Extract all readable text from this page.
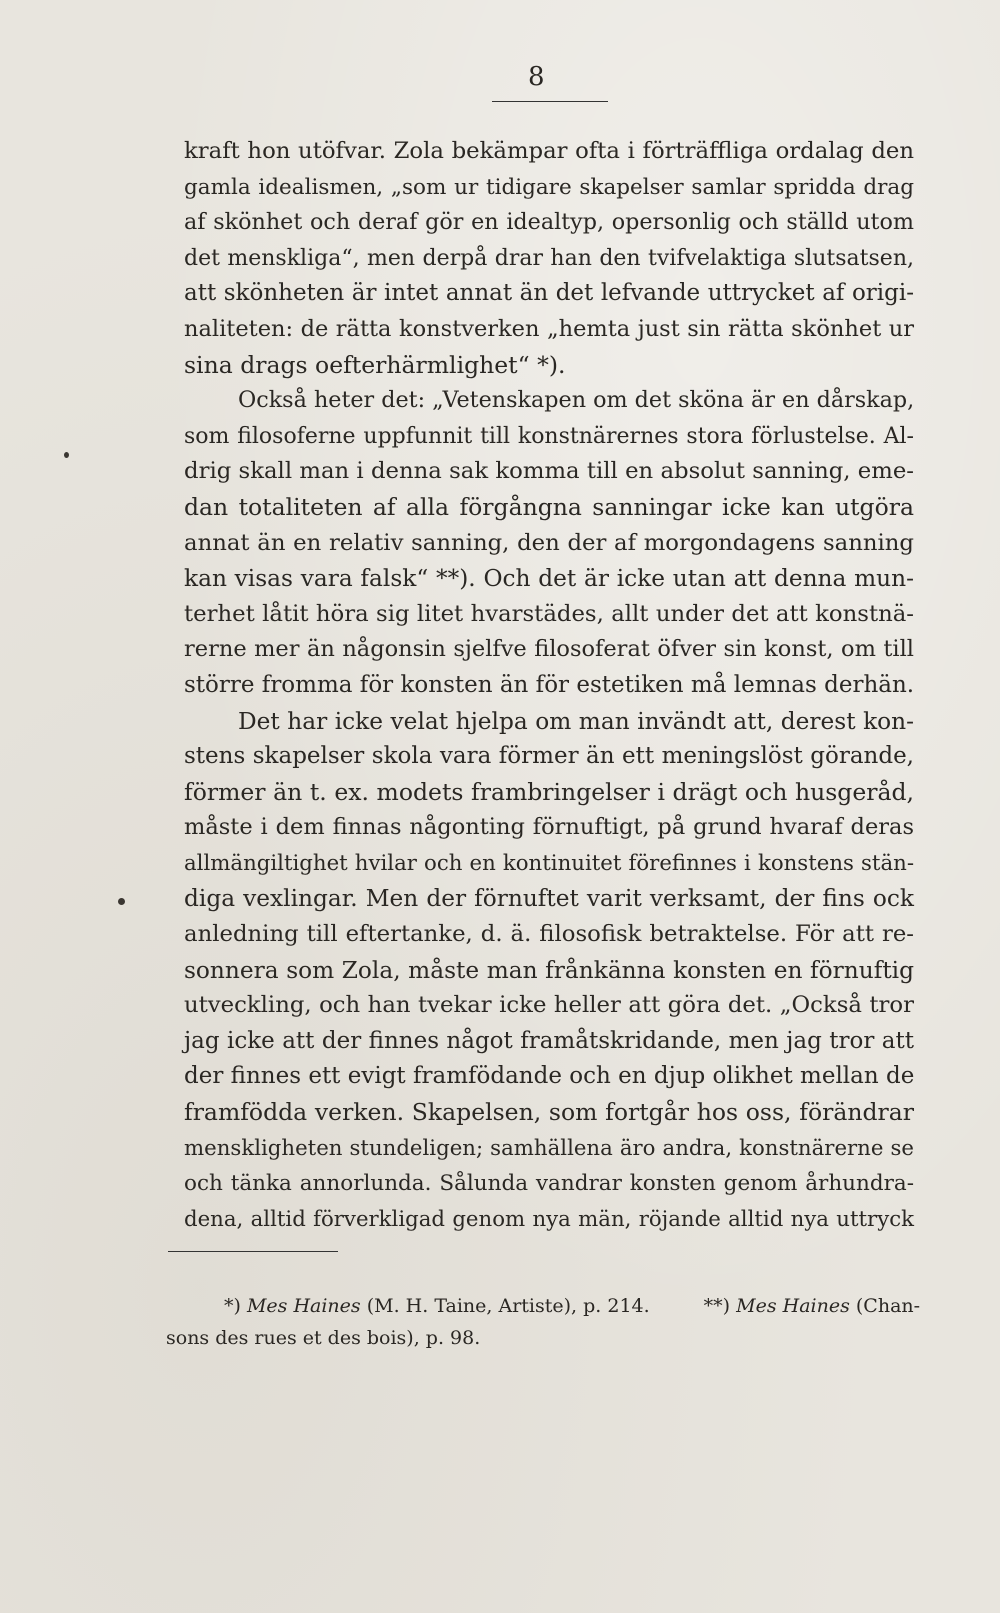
8
kraft hon utöfvar. Zola bekämpar ofta i förträffliga ordalag den
gamla idealismen, „som ur tidigare skapelser samlar spridda drag
af skönhet och deraf gör en idealtyp, opersonlig och ställd utom
det menskliga“, men derpå drar han den tvifvelaktiga slutsatsen,
att skönheten är intet annat än det lefvande uttrycket af origi-
naliteten: de rätta konstverken „hemta just sin rätta skönhet ur
sina drags oefterhärmlighet“ *).
Också heter det: „Vetenskapen om det sköna är en dårskap,
som filosoferne uppfunnit till konstnärernes stora förlustelse. Al-
drig skall man i denna sak komma till en absolut sanning, eme-
dan totaliteten af alla förgångna sanningar icke kan utgöra
annat än en relativ sanning, den der af morgondagens sanning
kan visas vara falsk“ **). Och det är icke utan att denna mun-
terhet låtit höra sig litet hvarstädes, allt under det att konstnä-
rerne mer än någonsin sjelfve filosoferat öfver sin konst, om till
större fromma för konsten än för estetiken må lemnas derhän.
Det har icke velat hjelpa om man invändt att, derest kon-
stens skapelser skola vara förmer än ett meningslöst görande,
förmer än t. ex. modets frambringelser i drägt och husgeråd,
måste i dem finnas någonting förnuftigt, på grund hvaraf deras
allmängiltighet hvilar och en kontinuitet förefinnes i konstens stän-
diga vexlingar. Men der förnuftet varit verksamt, der fins ock
anledning till eftertanke, d. ä. filosofisk betraktelse. För att re-
sonnera som Zola, måste man frånkänna konsten en förnuftig
utveckling, och han tvekar icke heller att göra det. „Också tror
jag icke att der finnes något framåtskridande, men jag tror att
der finnes ett evigt framfödande och en djup olikhet mellan de
framfödda verken. Skapelsen, som fortgår hos oss, förändrar
menskligheten stundeligen; samhällena äro andra, konstnärerne se
och tänka annorlunda. Sålunda vandrar konsten genom århundra-
dena, alltid förverkligad genom nya män, röjande alltid nya uttryck
*) Mes Haines (M. H. Taine, Artiste), p. 214.	**) Mes Haines (Chan-
sons des rues et des bois), p. 98.
